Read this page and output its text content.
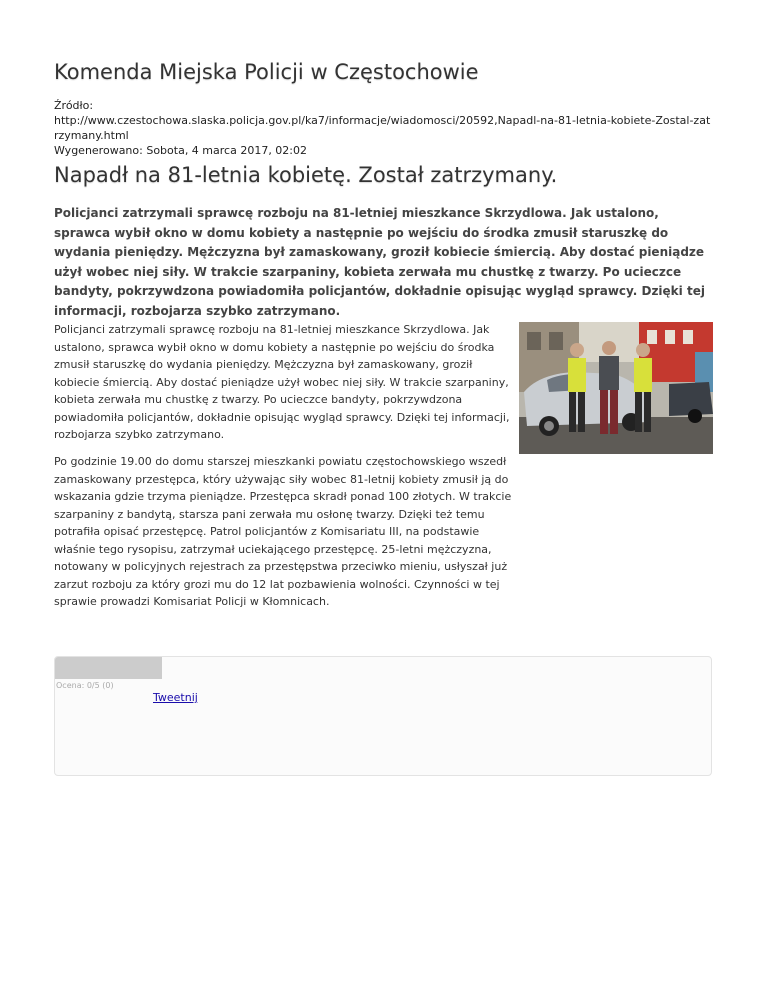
Komenda Miejska Policji w Częstochowie
Źródło:
http://www.czestochowa.slaska.policja.gov.pl/ka7/informacje/wiadomosci/20592,Napadl-na-81-letnia-kobiete-Zostal-zatrzymany.html
Wygenerowano: Sobota, 4 marca 2017, 02:02
Napadł na 81-letnia kobietę. Został zatrzymany.

Policjanci zatrzymali sprawcę rozboju na 81-letniej mieszkance Skrzydlowa. Jak ustalono, sprawca wybił okno w domu kobiety a następnie po wejściu do środka zmusił staruszkę do wydania pieniędzy. Mężczyzna był zamaskowany, groził kobiecie śmiercią. Aby dostać pieniądze użył wobec niej siły. W trakcie szarpaniny, kobieta zerwała mu chustkę z twarzy. Po ucieczce bandyty, pokrzywdzona powiadomiła policjantów, dokładnie opisując wygląd sprawcy. Dzięki tej informacji, rozbojarza szybko zatrzymano.

Policjanci zatrzymali sprawcę rozboju na 81-letniej mieszkance Skrzydlowa. Jak ustalono, sprawca wybił okno w domu kobiety a następnie po wejściu do środka zmusił staruszkę do wydania pieniędzy. Mężczyzna był zamaskowany, groził kobiecie śmiercią. Aby dostać pieniądze użył wobec niej siły. W trakcie szarpaniny, kobieta zerwała mu chustkę z twarzy. Po ucieczce bandyty, pokrzywdzona powiadomiła policjantów, dokładnie opisując wygląd sprawcy. Dzięki tej informacji, rozbojarza szybko zatrzymano.

Po godzinie 19.00 do domu starszej mieszkanki powiatu częstochowskiego wszedł zamaskowany przestępca, który używając siły wobec 81-letnij kobiety zmusił ją do wskazania gdzie trzyma pieniądze. Przestępca skradł ponad 100 złotych. W trakcie szarpaniny z bandytą, starsza pani zerwała mu osłonę twarzy. Dzięki też temu potrafiła opisać przestępcę. Patrol policjantów z Komisariatu III, na podstawie właśnie tego rysopisu, zatrzymał uciekającego przestępcę. 25-letni mężczyzna, notowany w policyjnych rejestrach za przestępstwa przeciwko mieniu, usłyszał już zarzut rozboju za który grozi mu do 12 lat pozbawienia wolności. Czynności w tej sprawie prowadzi Komisariat Policji w Kłomnicach.

Ocena: 0/5 (0)
Tweetnij
